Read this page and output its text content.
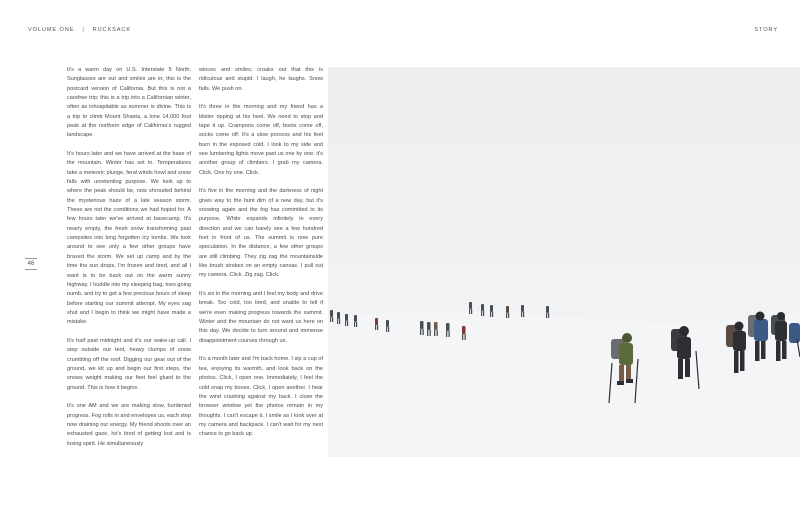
VOLUME ONE | RUCKSACK	STORY
46

It's a warm day on U.S. Interstate 5 North. Sunglasses are out and smiles are in; this is the postcard version of California. But this is not a carefree trip; this is a trip into a Californian winter, often as inhospitable as summer is divine. This is a trip to climb Mount Shasta, a lone 14,000 foot peak at the northern edge of California's rugged landscape.

It's hours later and we have arrived at the base of the mountain. Winter has set in. Temperatures take a meteoric plunge, feral winds howl and snow falls with unrelenting purpose. We look up to where the peak should be, now shrouded behind the mysterious haze of a late season storm. These are not the conditions we had hoped for. A few hours later we've arrived at basecamp. It's nearly empty, the fresh snow transforming past campsites into long forgotten icy tombs. We look around to see only a few other groups have braved the storm. We set up camp and by the time the sun drops, I'm frozen and tired, and all I want is to be back out on the warm sunny highway. I huddle into my sleeping bag, toes going numb, and try to get a few precious hours of sleep before starting our summit attempt. My eyes sag shut and I begin to think we might have made a mistake.

It's half past midnight and it's our wake-up call. I step outside our tent, heavy clumps of snow crumbling off the roof. Digging our gear out of the ground, we kit up and begin our first steps, the snows weight making our feet feel glued to the ground. This is how it begins.

It's one AM and we are making slow, burdened progress. Fog rolls in and envelopes us, each step now draining our energy. My friend shoots over an exhausted gaze, he's tired of getting lost and is losing spirit. He simultaneously

winces and smiles; croaks out that this is ridiculous and stupid. I laugh, he laughs. Snow falls. We push on.

It's three in the morning and my friend has a blister ripping at his heel. We need to stop and tape it up. Crampons come off, boots come off, socks come off. It's a slow process and his feet burn in the exposed cold. I look to my side and see lumbering lights move past us one by one; it's another group of climbers. I grab my camera. Click. One by one. Click.

It's five in the morning and the darkness of night gives way to the faint dim of a new day, but it's snowing again and the fog has committed to its purpose. White expands infinitely in every direction and we can barely see a few hundred feet in front of us. The summit is now pure speculation. In the distance, a few other groups are still climbing. They zig zag the mountainside like brush strokes on an empty canvas. I pull out my camera. Click. Zig zag. Click.

It's six in the morning and I feel my body and drive break. Too cold, too tired, and unable to tell if we're even making progress towards the summit. Winter and the mountain do not want us here on this day. We decide to turn around and immense disappointment courses through us.

It's a month later and I'm back home. I sip a cup of tea, enjoying its warmth, and look back on the photos. Click, I open one. Immediately, I feel the cold snap my bones. Click, I open another. I hear the wind crashing against my back. I close the browser window yet the photos remain in my thoughts. I can't escape it. I smile as I look over at my camera and backpack. I can't wait for my next chance to go back up.
